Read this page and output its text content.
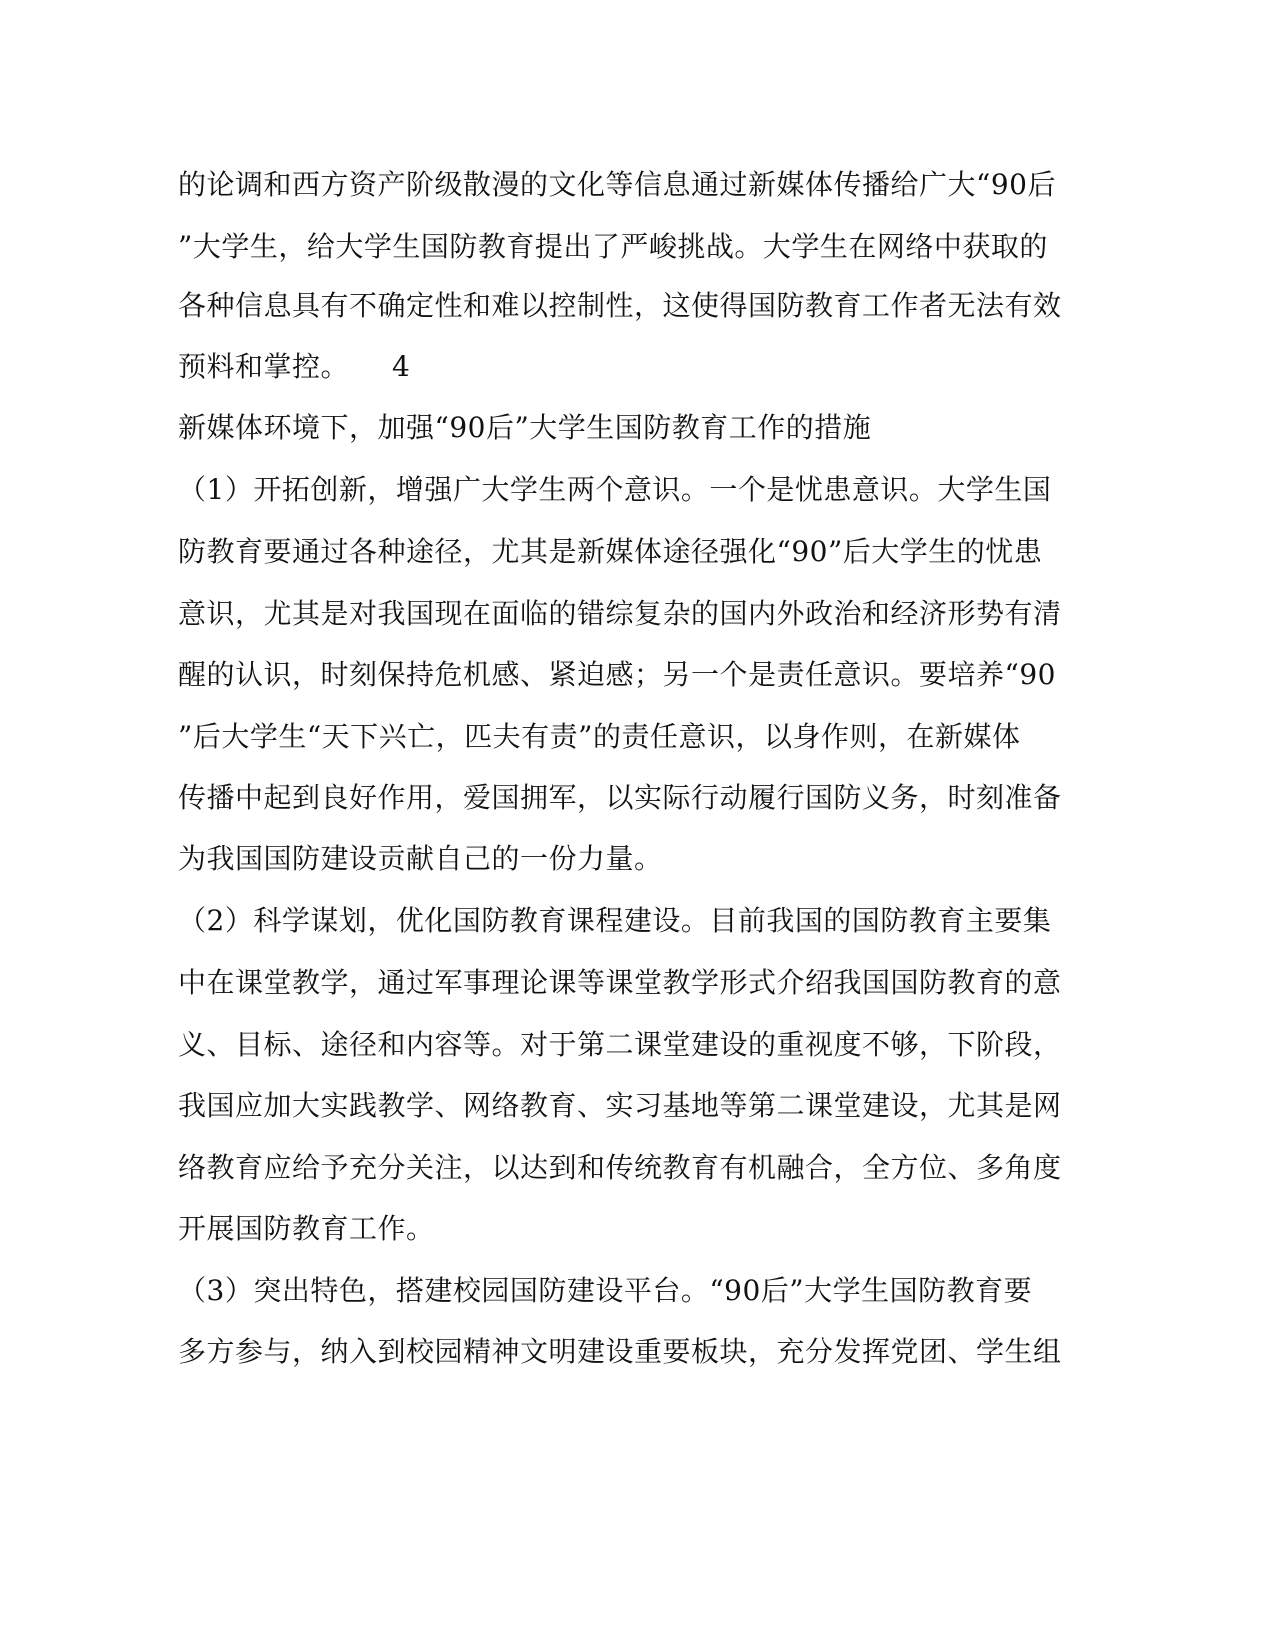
的论调和西方资产阶级散漫的文化等信息通过新媒体传播给广大“90后
”大学生，给大学生国防教育提出了严峻挑战。大学生在网络中获取的
各种信息具有不确定性和难以控制性，这使得国防教育工作者无法有效
预料和掌控。　　4
新媒体环境下，加强“90后”大学生国防教育工作的措施
（1）开拓创新，增强广大学生两个意识。一个是忧患意识。大学生国
防教育要通过各种途径，尤其是新媒体途径强化“90”后大学生的忧患
意识，尤其是对我国现在面临的错综复杂的国内外政治和经济形势有清
醒的认识，时刻保持危机感、紧迫感；另一个是责任意识。要培养“90
”后大学生“天下兴亡，匹夫有责”的责任意识，以身作则，在新媒体
传播中起到良好作用，爱国拥军，以实际行动履行国防义务，时刻准备
为我国国防建设贡献自己的一份力量。
（2）科学谋划，优化国防教育课程建设。目前我国的国防教育主要集
中在课堂教学，通过军事理论课等课堂教学形式介绍我国国防教育的意
义、目标、途径和内容等。对于第二课堂建设的重视度不够，下阶段，
我国应加大实践教学、网络教育、实习基地等第二课堂建设，尤其是网
络教育应给予充分关注，以达到和传统教育有机融合，全方位、多角度
开展国防教育工作。
（3）突出特色，搭建校园国防建设平台。“90后”大学生国防教育要
多方参与，纳入到校园精神文明建设重要板块，充分发挥党团、学生组
